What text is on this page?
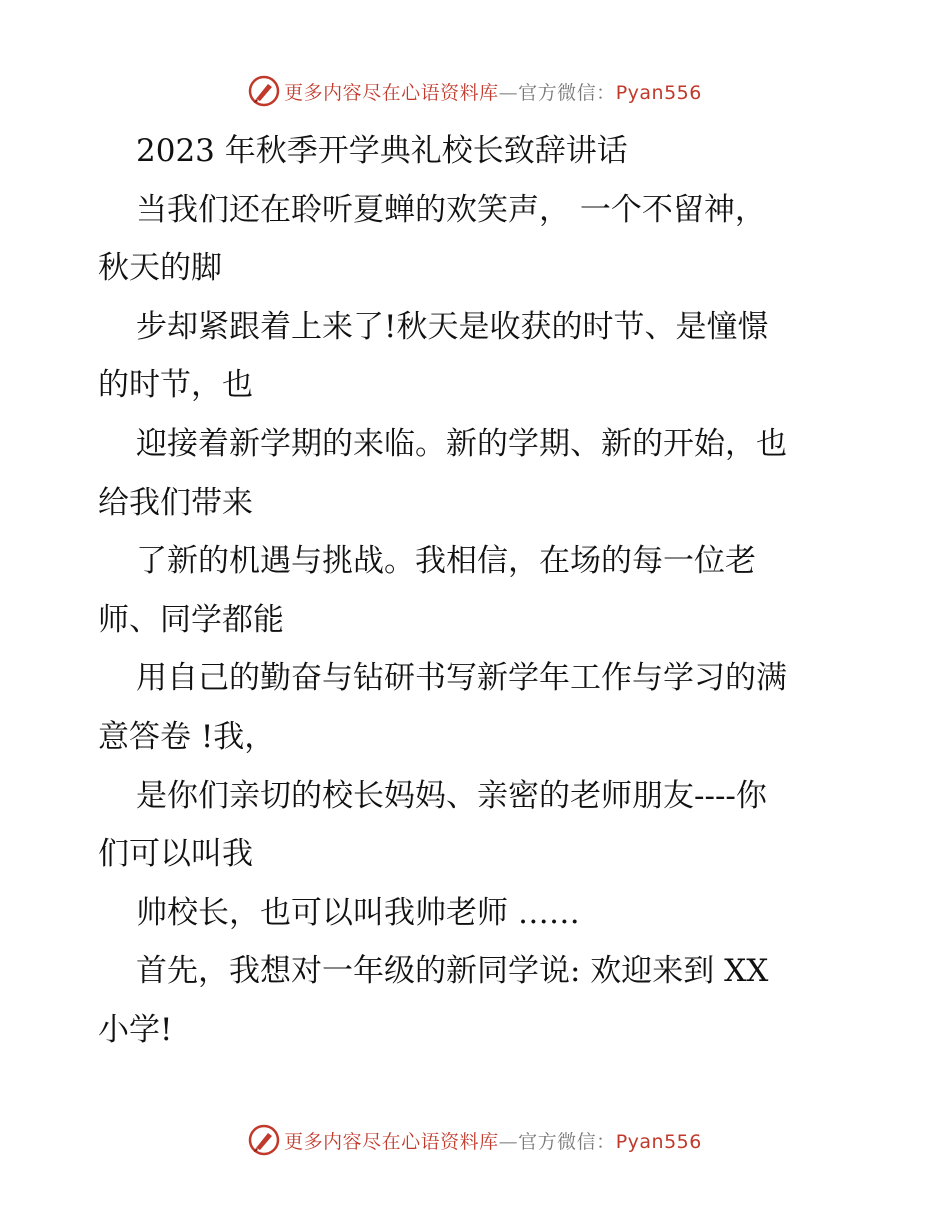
更多内容尽在心语资料库—官方微信：Pyan556
2023 年秋季开学典礼校长致辞讲话
当我们还在聆听夏蝉的欢笑声， 一个不留神，
秋天的脚
步却紧跟着上来了!秋天是收获的时节、是憧憬
的时节，也
迎接着新学期的来临。新的学期、新的开始，也
给我们带来
了新的机遇与挑战。我相信，在场的每一位老
师、同学都能
用自己的勤奋与钻研书写新学年工作与学习的满
意答卷 !我，
是你们亲切的校长妈妈、亲密的老师朋友----你
们可以叫我
帅校长，也可以叫我帅老师 ……
首先，我想对一年级的新同学说: 欢迎来到 XX
小学!
更多内容尽在心语资料库—官方微信：Pyan556
